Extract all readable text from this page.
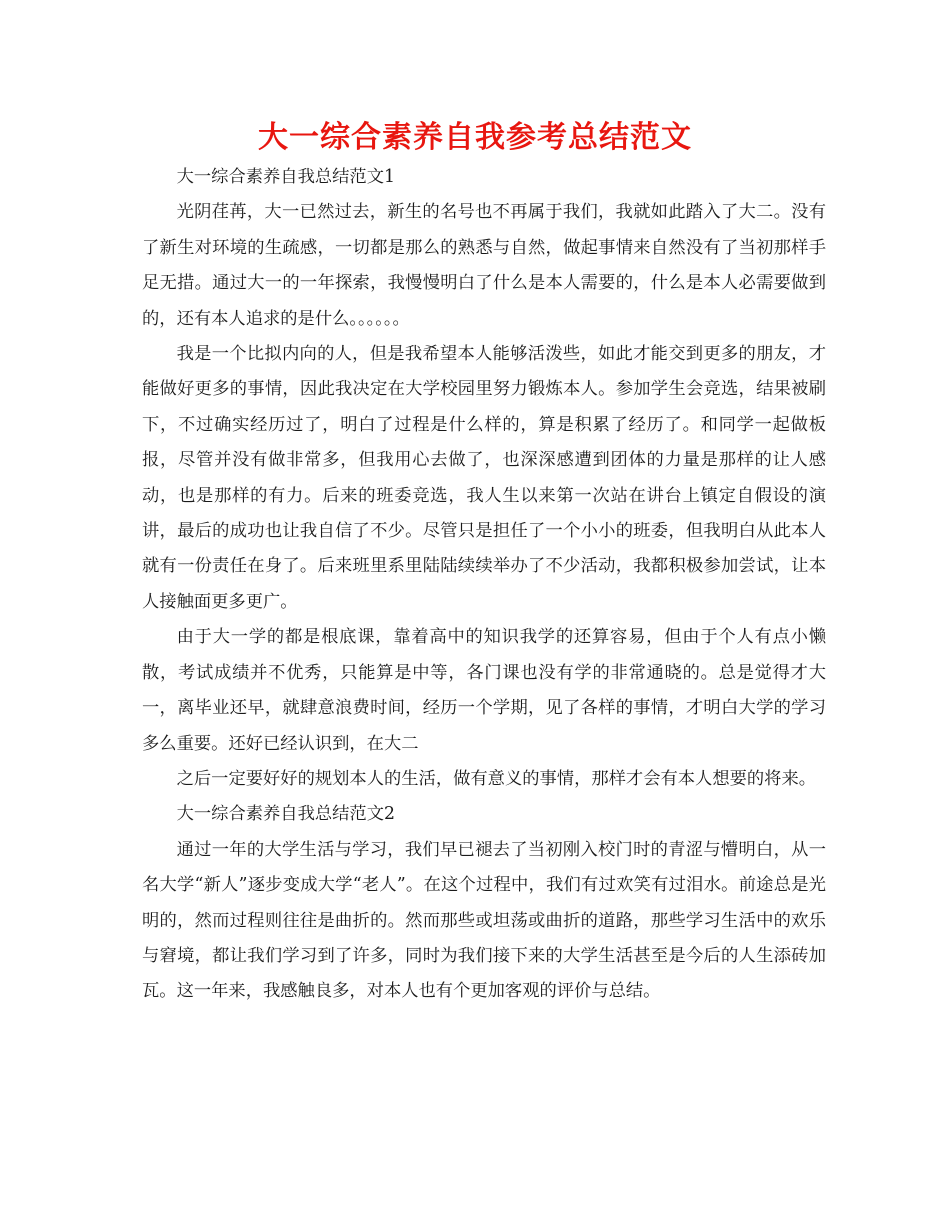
大一综合素养自我参考总结范文

大一综合素养自我总结范文1

光阴荏苒，大一已然过去，新生的名号也不再属于我们，我就如此踏入了大二。没有了新生对环境的生疏感，一切都是那么的熟悉与自然，做起事情来自然没有了当初那样手足无措。通过大一的一年探索，我慢慢明白了什么是本人需要的，什么是本人必需要做到的，还有本人追求的是什么。。。。。。

我是一个比拟内向的人，但是我希望本人能够活泼些，如此才能交到更多的朋友，才能做好更多的事情，因此我决定在大学校园里努力锻炼本人。参加学生会竞选，结果被刷下，不过确实经历过了，明白了过程是什么样的，算是积累了经历了。和同学一起做板报，尽管并没有做非常多，但我用心去做了，也深深感遭到团体的力量是那样的让人感动，也是那样的有力。后来的班委竞选，我人生以来第一次站在讲台上镇定自假设的演讲，最后的成功也让我自信了不少。尽管只是担任了一个小小的班委，但我明白从此本人就有一份责任在身了。后来班里系里陆陆续续举办了不少活动，我都积极参加尝试，让本人接触面更多更广。

由于大一学的都是根底课，靠着高中的知识我学的还算容易，但由于个人有点小懒散，考试成绩并不优秀，只能算是中等，各门课也没有学的非常通晓的。总是觉得才大一，离毕业还早，就肆意浪费时间，经历一个学期，见了各样的事情，才明白大学的学习多么重要。还好已经认识到，在大二

之后一定要好好的规划本人的生活，做有意义的事情，那样才会有本人想要的将来。

大一综合素养自我总结范文2

通过一年的大学生活与学习，我们早已褪去了当初刚入校门时的青涩与懵明白，从一名大学“新人”逐步变成大学“老人”。在这个过程中，我们有过欢笑有过泪水。前途总是光明的，然而过程则往往是曲折的。然而那些或坦荡或曲折的道路，那些学习生活中的欢乐与窘境，都让我们学习到了许多，同时为我们接下来的大学生活甚至是今后的人生添砖加瓦。这一年来，我感触良多，对本人也有个更加客观的评价与总结。
